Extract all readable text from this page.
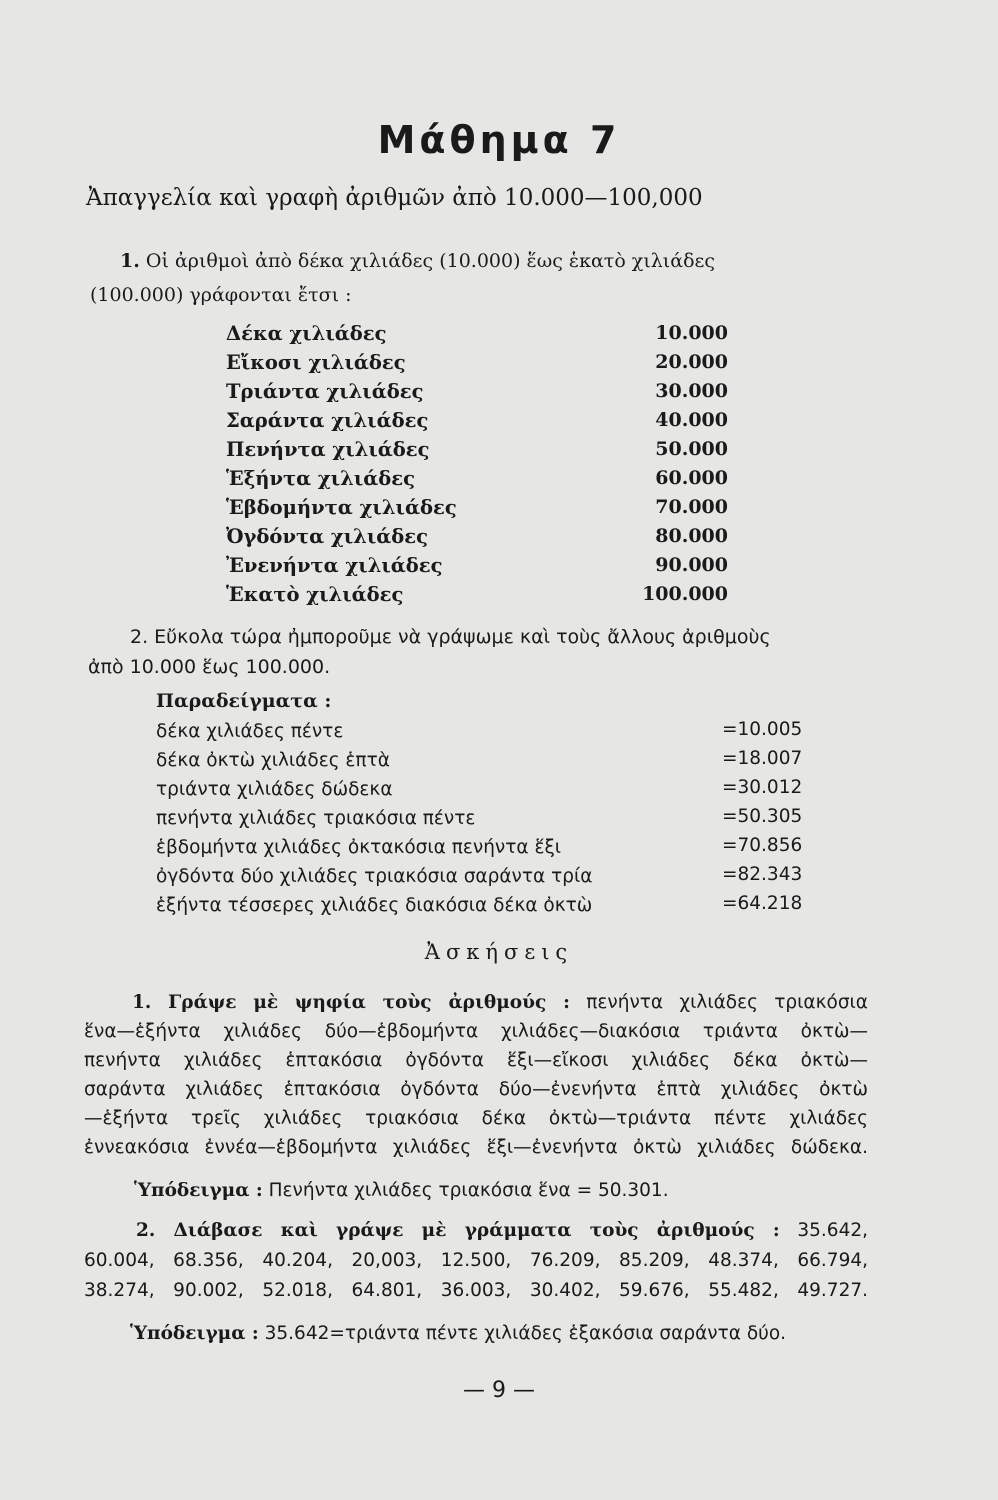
Μάθημα 7
Ἀπαγγελία καὶ γραφὴ ἀριθμῶν ἀπὸ 10.000—100,000
1. Οἱ ἀριθμοὶ ἀπὸ δέκα χιλιάδες (10.000) ἕως ἑκατὸ χιλιάδες
(100.000) γράφονται ἔτσι :
Δέκα χιλιάδες	10.000
Εἴκοσι χιλιάδες	20.000
Τριάντα χιλιάδες	30.000
Σαράντα χιλιάδες	40.000
Πενήντα χιλιάδες	50.000
Ἑξήντα χιλιάδες	60.000
Ἑβδομήντα χιλιάδες	70.000
Ὀγδόντα χιλιάδες	80.000
Ἐνενήντα χιλιάδες	90.000
Ἑκατὸ χιλιάδες	100.000
2. Εὔκολα τώρα ἠμποροῦμε νὰ γράψωμε καὶ τοὺς ἄλλους ἀριθμοὺς
ἀπὸ 10.000 ἕως 100.000.
Παραδείγματα :
δέκα χιλιάδες πέντε	=10.005
δέκα ὀκτὼ χιλιάδες ἑπτὰ	=18.007
τριάντα χιλιάδες δώδεκα	=30.012
πενήντα χιλιάδες τριακόσια πέντε	=50.305
ἑβδομήντα χιλιάδες ὀκτακόσια πενήντα ἕξι	=70.856
ὀγδόντα δύο χιλιάδες τριακόσια σαράντα τρία	=82.343
ἑξήντα τέσσερες χιλιάδες διακόσια δέκα ὀκτὼ	=64.218
Ἀσκήσεις
1. Γράψε μὲ ψηφία τοὺς ἀριθμούς : πενήντα χιλιάδες τριακόσια
ἕνα—ἑξήντα χιλιάδες δύο—ἑβδομήντα χιλιάδες—διακόσια τριάντα ὀκτὼ—
πενήντα χιλιάδες ἑπτακόσια ὀγδόντα ἕξι—εἴκοσι χιλιάδες δέκα ὀκτὼ—
σαράντα χιλιάδες ἑπτακόσια ὀγδόντα δύο—ἐνενήντα ἑπτὰ χιλιάδες ὀκτὼ
—ἑξήντα τρεῖς χιλιάδες τριακόσια δέκα ὀκτὼ—τριάντα πέντε χιλιάδες
ἐννεακόσια ἐννέα—ἑβδομήντα χιλιάδες ἕξι—ἐνενήντα ὀκτὼ χιλιάδες δώδεκα.
Ὑπόδειγμα : Πενήντα χιλιάδες τριακόσια ἕνα = 50.301.
2. Διάβασε καὶ γράψε μὲ γράμματα τοὺς ἀριθμούς : 35.642,
60.004, 68.356, 40.204, 20,003, 12.500, 76.209, 85.209, 48.374, 66.794,
38.274, 90.002, 52.018, 64.801, 36.003, 30.402, 59.676, 55.482, 49.727.
Ὑπόδειγμα : 35.642=τριάντα πέντε χιλιάδες ἑξακόσια σαράντα δύο.
— 9 —
